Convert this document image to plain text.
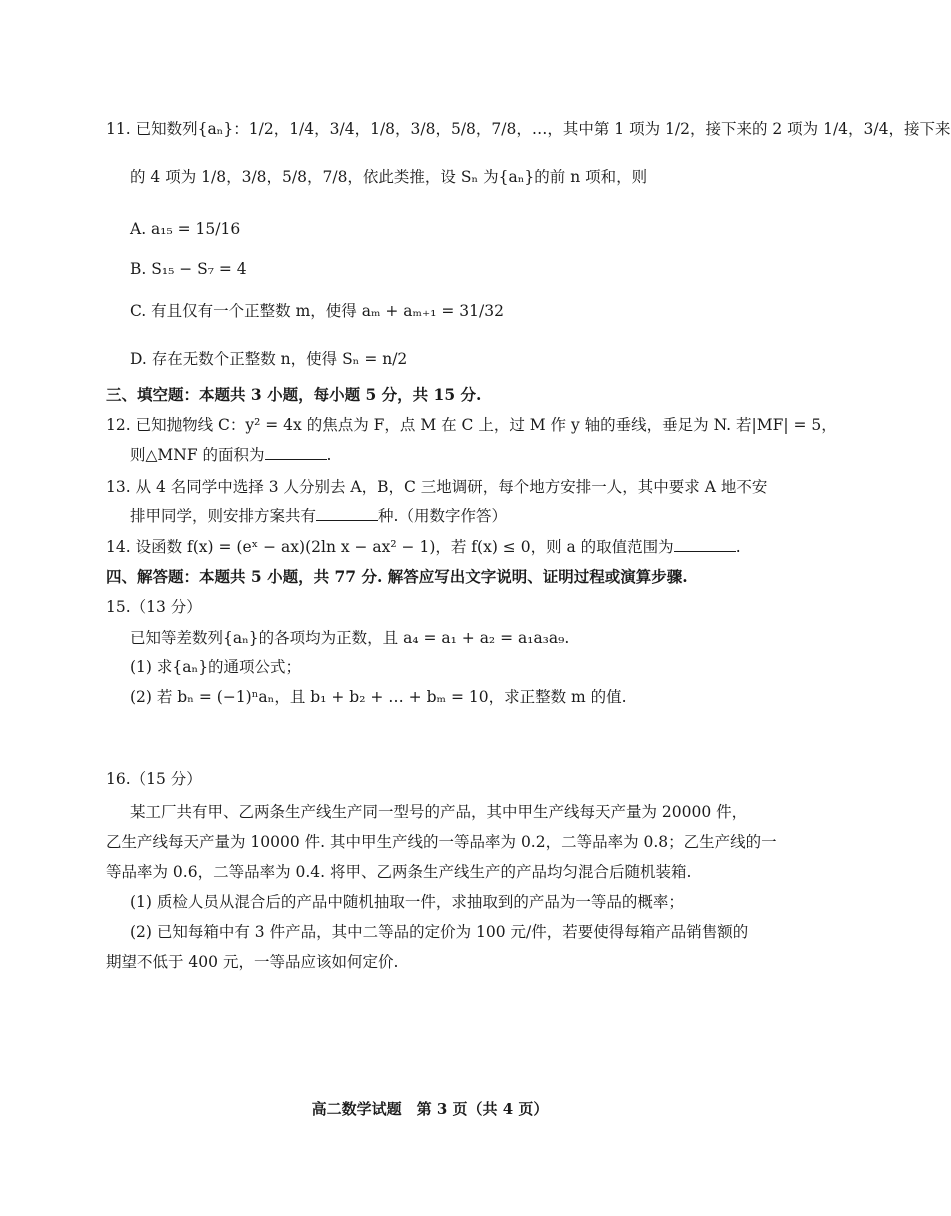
11. 已知数列{aₙ}：1/2，1/4，3/4，1/8，3/8，5/8，7/8，…，其中第 1 项为 1/2，接下来的 2 项为 1/4，3/4，接下来
的 4 项为 1/8，3/8，5/8，7/8，依此类推，设 Sₙ 为{aₙ}的前 n 项和，则
A. a₁₅ = 15/16
B. S₁₅ − S₇ = 4
C. 有且仅有一个正整数 m，使得 aₘ + aₘ₊₁ = 31/32
D. 存在无数个正整数 n，使得 Sₙ = n/2
三、填空题：本题共 3 小题，每小题 5 分，共 15 分.
12. 已知抛物线 C：y² = 4x 的焦点为 F，点 M 在 C 上，过 M 作 y 轴的垂线，垂足为 N. 若|MF| = 5，
则△MNF 的面积为	.
13. 从 4 名同学中选择 3 人分别去 A，B，C 三地调研，每个地方安排一人，其中要求 A 地不安
排甲同学，则安排方案共有	种.（用数字作答）
14. 设函数 f(x) = (eˣ − ax)(2ln x − ax² − 1)，若 f(x) ≤ 0，则 a 的取值范围为	.
四、解答题：本题共 5 小题，共 77 分. 解答应写出文字说明、证明过程或演算步骤.
15.（13 分）
已知等差数列{aₙ}的各项均为正数，且 a₄ = a₁ + a₂ = a₁a₃a₉.
(1) 求{aₙ}的通项公式；
(2) 若 bₙ = (−1)ⁿaₙ，且 b₁ + b₂ + … + bₘ = 10，求正整数 m 的值.
16.（15 分）
某工厂共有甲、乙两条生产线生产同一型号的产品，其中甲生产线每天产量为 20000 件，
乙生产线每天产量为 10000 件. 其中甲生产线的一等品率为 0.2，二等品率为 0.8；乙生产线的一
等品率为 0.6，二等品率为 0.4. 将甲、乙两条生产线生产的产品均匀混合后随机装箱.
(1) 质检人员从混合后的产品中随机抽取一件，求抽取到的产品为一等品的概率；
(2) 已知每箱中有 3 件产品，其中二等品的定价为 100 元/件，若要使得每箱产品销售额的
期望不低于 400 元，一等品应该如何定价.
高二数学试题　第 3 页（共 4 页）
